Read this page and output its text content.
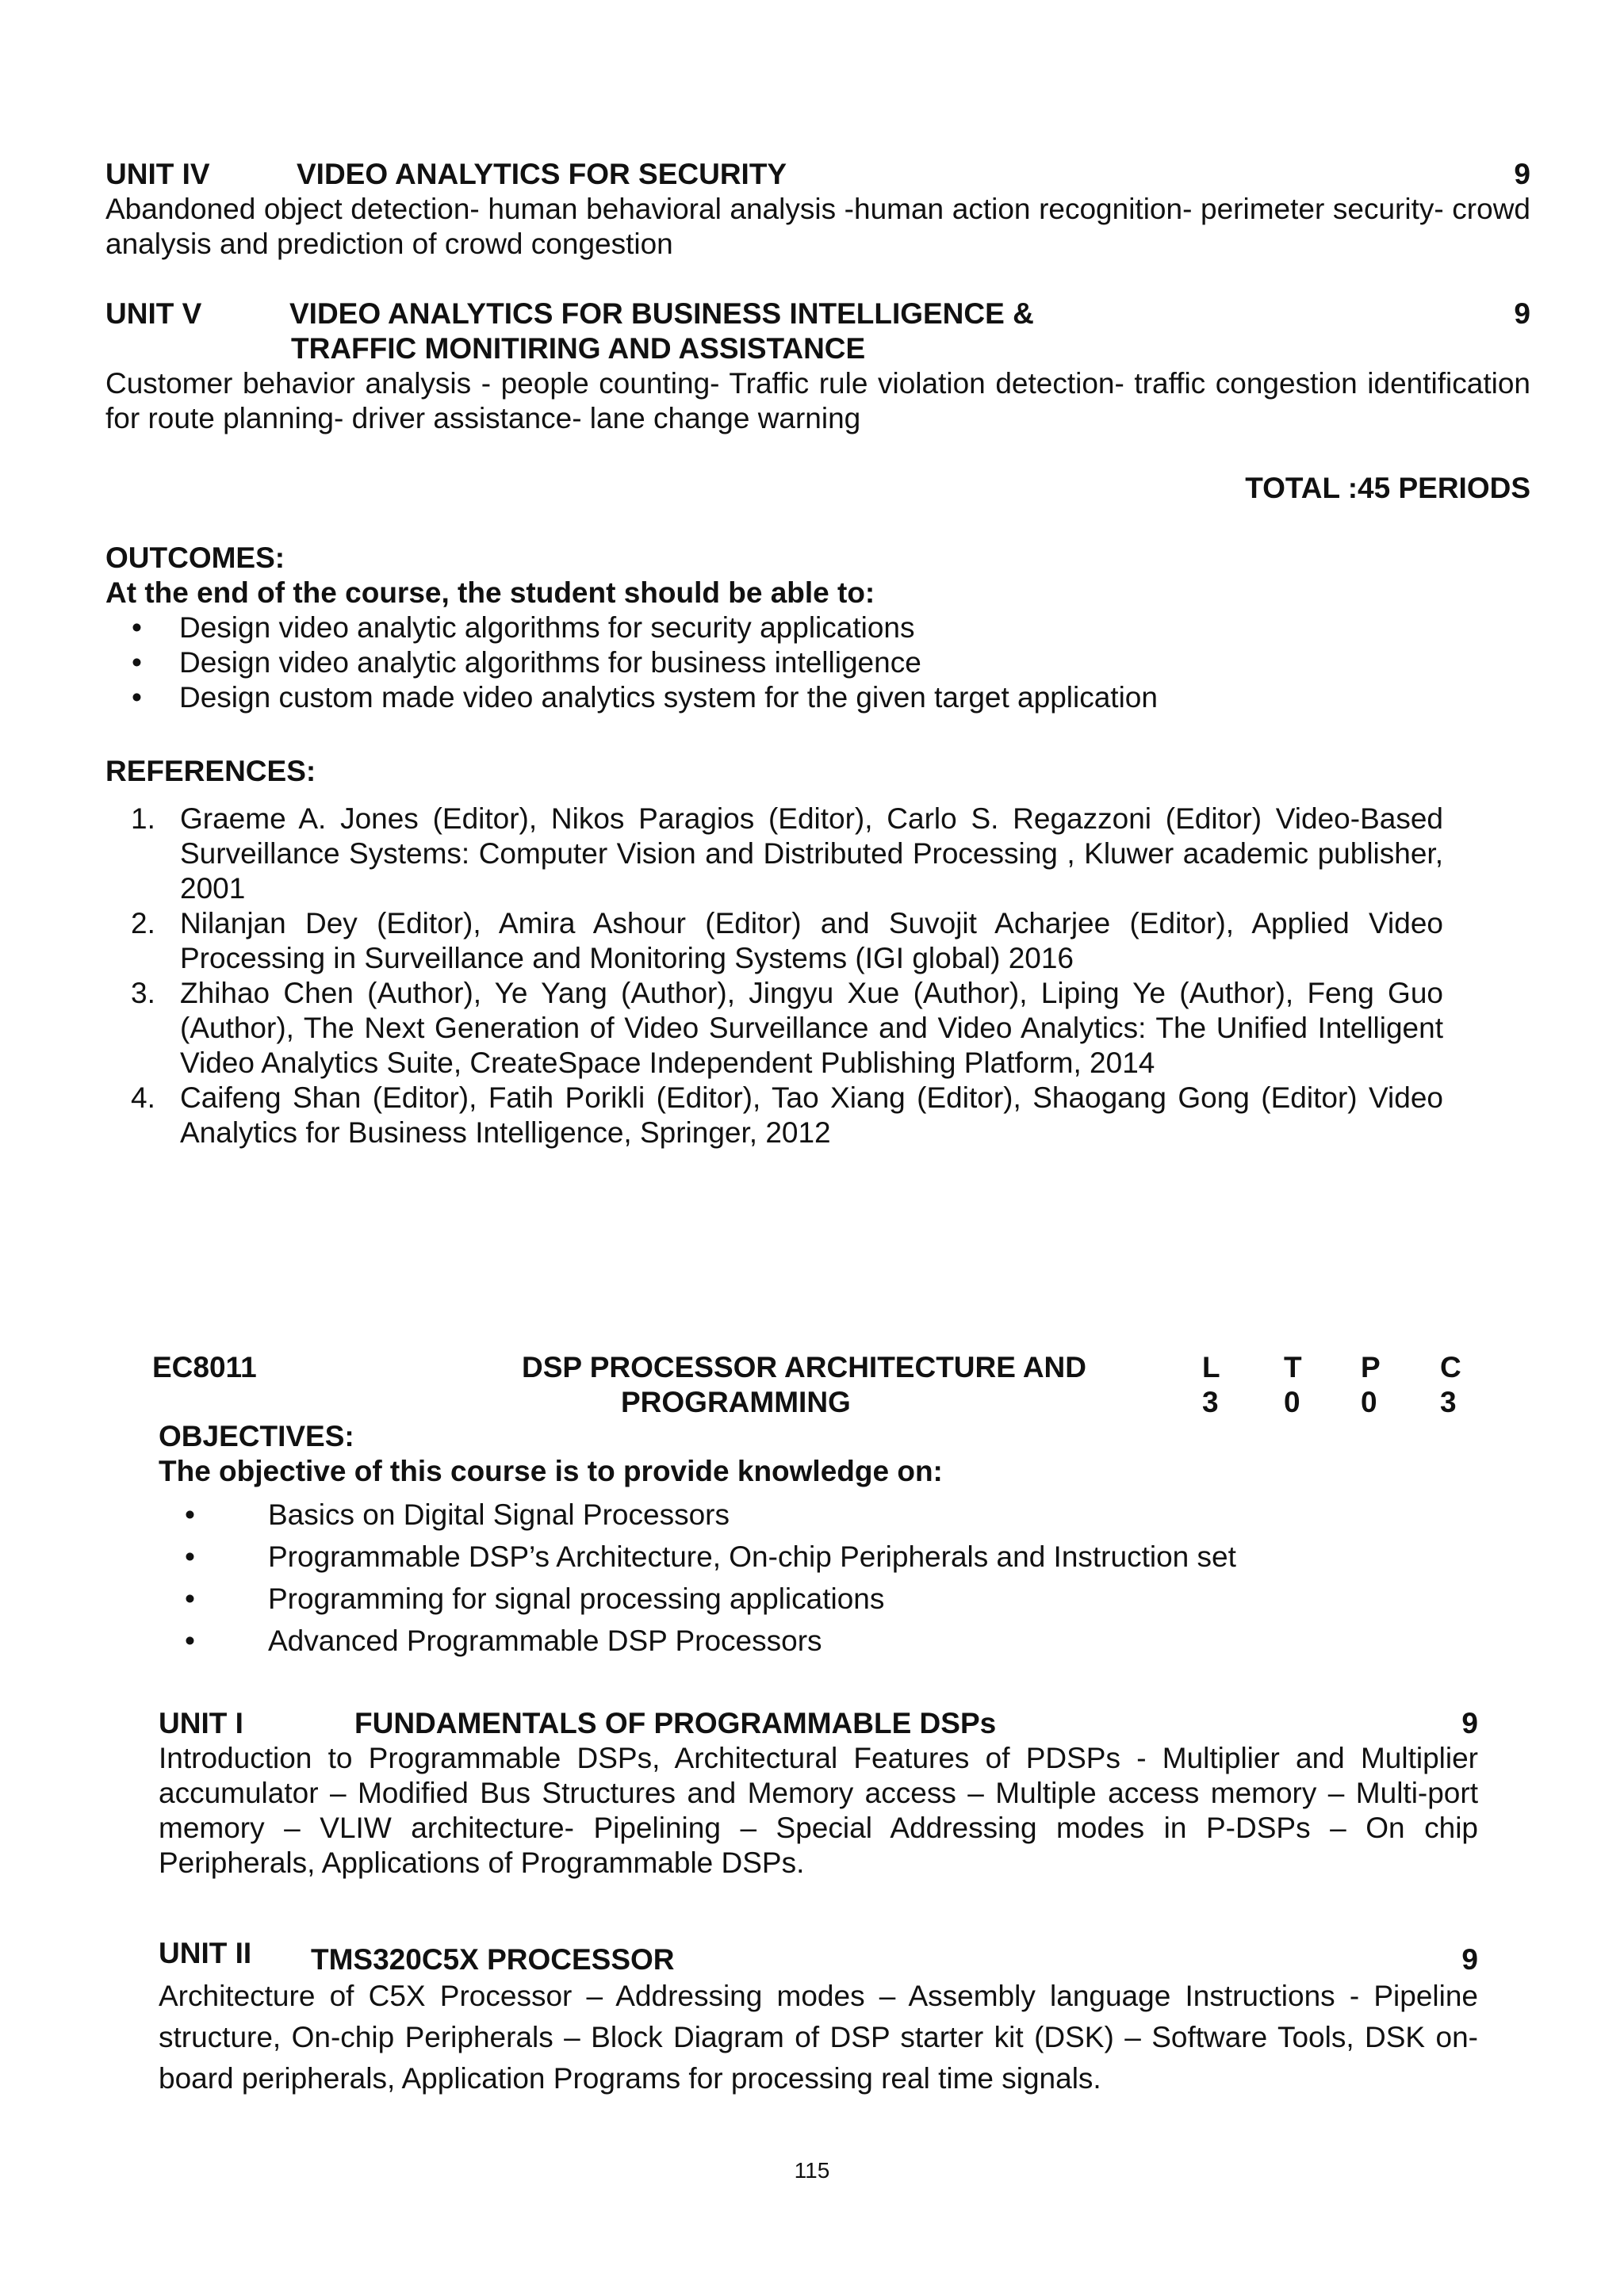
UNIT IV	VIDEO ANALYTICS FOR SECURITY	9
Abandoned object detection- human behavioral analysis -human action recognition- perimeter security- crowd analysis and prediction of crowd congestion
UNIT V	VIDEO ANALYTICS FOR BUSINESS INTELLIGENCE &	9
TRAFFIC MONITIRING AND ASSISTANCE
Customer behavior analysis - people counting- Traffic rule violation detection- traffic congestion identification for route planning- driver assistance- lane change warning
TOTAL :45 PERIODS
OUTCOMES:
At the end of the course, the student should be able to:
• Design video analytic algorithms for security applications
• Design video analytic algorithms for business intelligence
• Design custom made video analytics system for the given target application
REFERENCES:
1. Graeme A. Jones (Editor), Nikos Paragios (Editor), Carlo S. Regazzoni (Editor) Video-Based Surveillance Systems: Computer Vision and Distributed Processing , Kluwer academic publisher, 2001
2. Nilanjan Dey (Editor), Amira Ashour (Editor) and Suvojit Acharjee (Editor), Applied Video Processing in Surveillance and Monitoring Systems (IGI global) 2016
3. Zhihao Chen (Author), Ye Yang (Author), Jingyu Xue (Author), Liping Ye (Author), Feng Guo (Author), The Next Generation of Video Surveillance and Video Analytics: The Unified Intelligent Video Analytics Suite, CreateSpace Independent Publishing Platform, 2014
4. Caifeng Shan (Editor), Fatih Porikli (Editor), Tao Xiang (Editor), Shaogang Gong (Editor) Video Analytics for Business Intelligence, Springer, 2012
EC8011	DSP PROCESSOR ARCHITECTURE AND
PROGRAMMING
L T P C
3 0 0 3
OBJECTIVES:
The objective of this course is to provide knowledge on:
• Basics on Digital Signal Processors
• Programmable DSP’s Architecture, On-chip Peripherals and Instruction set
• Programming for signal processing applications
• Advanced Programmable DSP Processors
UNIT I	FUNDAMENTALS OF PROGRAMMABLE DSPs	9
Introduction to Programmable DSPs, Architectural Features of PDSPs - Multiplier and Multiplier accumulator – Modified Bus Structures and Memory access – Multiple access memory – Multi-port memory – VLIW architecture- Pipelining – Special Addressing modes in P-DSPs – On chip Peripherals, Applications of Programmable DSPs.
UNIT II TMS320C5X PROCESSOR	9
Architecture of C5X Processor – Addressing modes – Assembly language Instructions - Pipeline structure, On-chip Peripherals – Block Diagram of DSP starter kit (DSK) – Software Tools, DSK on-board peripherals, Application Programs for processing real time signals.
115
